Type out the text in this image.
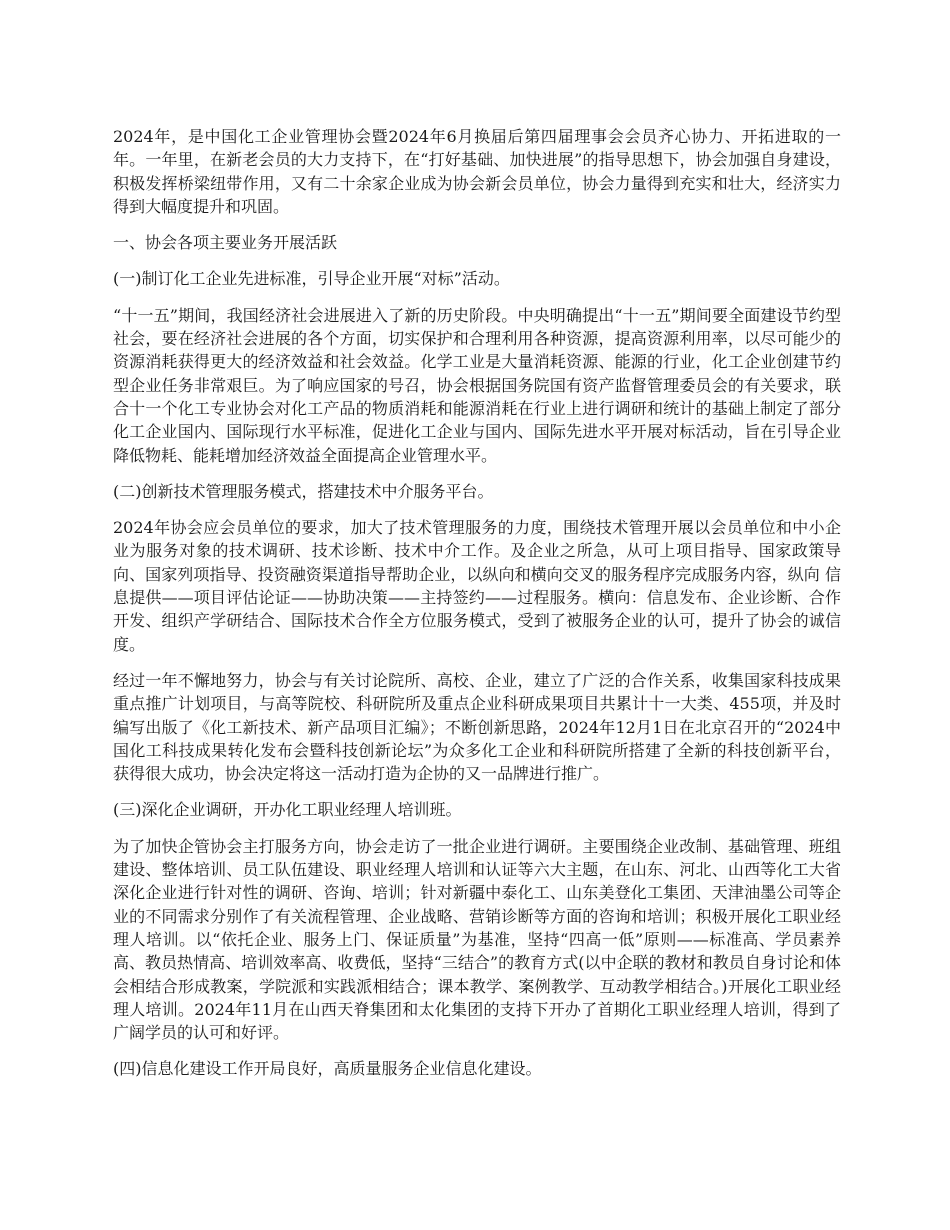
2024年，是中国化工企业管理协会暨2024年6月换届后第四届理事会会员齐心协力、开拓进取的一年。一年里，在新老会员的大力支持下，在“打好基础、加快进展”的指导思想下，协会加强自身建设，积极发挥桥梁纽带作用，又有二十余家企业成为协会新会员单位，协会力量得到充实和壮大，经济实力得到大幅度提升和巩固。

一、协会各项主要业务开展活跃

(一)制订化工企业先进标准，引导企业开展“对标”活动。

“十一五”期间，我国经济社会进展进入了新的历史阶段。中央明确提出“十一五”期间要全面建设节约型社会，要在经济社会进展的各个方面，切实保护和合理利用各种资源，提高资源利用率，以尽可能少的资源消耗获得更大的经济效益和社会效益。化学工业是大量消耗资源、能源的行业，化工企业创建节约型企业任务非常艰巨。为了响应国家的号召，协会根据国务院国有资产监督管理委员会的有关要求，联合十一个化工专业协会对化工产品的物质消耗和能源消耗在行业上进行调研和统计的基础上制定了部分化工企业国内、国际现行水平标准，促进化工企业与国内、国际先进水平开展对标活动，旨在引导企业降低物耗、能耗增加经济效益全面提高企业管理水平。

(二)创新技术管理服务模式，搭建技术中介服务平台。

2024年协会应会员单位的要求，加大了技术管理服务的力度，围绕技术管理开展以会员单位和中小企业为服务对象的技术调研、技术诊断、技术中介工作。及企业之所急，从可上项目指导、国家政策导向、国家列项指导、投资融资渠道指导帮助企业，以纵向和横向交叉的服务程序完成服务内容，纵向 信息提供——项目评估论证——协助决策——主持签约——过程服务。横向：信息发布、企业诊断、合作开发、组织产学研结合、国际技术合作全方位服务模式，受到了被服务企业的认可，提升了协会的诚信度。

经过一年不懈地努力，协会与有关讨论院所、高校、企业，建立了广泛的合作关系，收集国家科技成果重点推广计划项目，与高等院校、科研院所及重点企业科研成果项目共累计十一大类、455项，并及时编写出版了《化工新技术、新产品项目汇编》；不断创新思路，2024年12月1日在北京召开的“2024中国化工科技成果转化发布会暨科技创新论坛”为众多化工企业和科研院所搭建了全新的科技创新平台，获得很大成功，协会决定将这一活动打造为企协的又一品牌进行推广。

(三)深化企业调研，开办化工职业经理人培训班。

为了加快企管协会主打服务方向，协会走访了一批企业进行调研。主要围绕企业改制、基础管理、班组建设、整体培训、员工队伍建设、职业经理人培训和认证等六大主题，在山东、河北、山西等化工大省深化企业进行针对性的调研、咨询、培训；针对新疆中泰化工、山东美登化工集团、天津油墨公司等企业的不同需求分别作了有关流程管理、企业战略、营销诊断等方面的咨询和培训；积极开展化工职业经理人培训。以“依托企业、服务上门、保证质量”为基准，坚持“四高一低”原则——标准高、学员素养高、教员热情高、培训效率高、收费低，坚持“三结合”的教育方式(以中企联的教材和教员自身讨论和体会相结合形成教案，学院派和实践派相结合；课本教学、案例教学、互动教学相结合。)开展化工职业经理人培训。2024年11月在山西天脊集团和太化集团的支持下开办了首期化工职业经理人培训，得到了广阔学员的认可和好评。

(四)信息化建设工作开局良好，高质量服务企业信息化建设。
